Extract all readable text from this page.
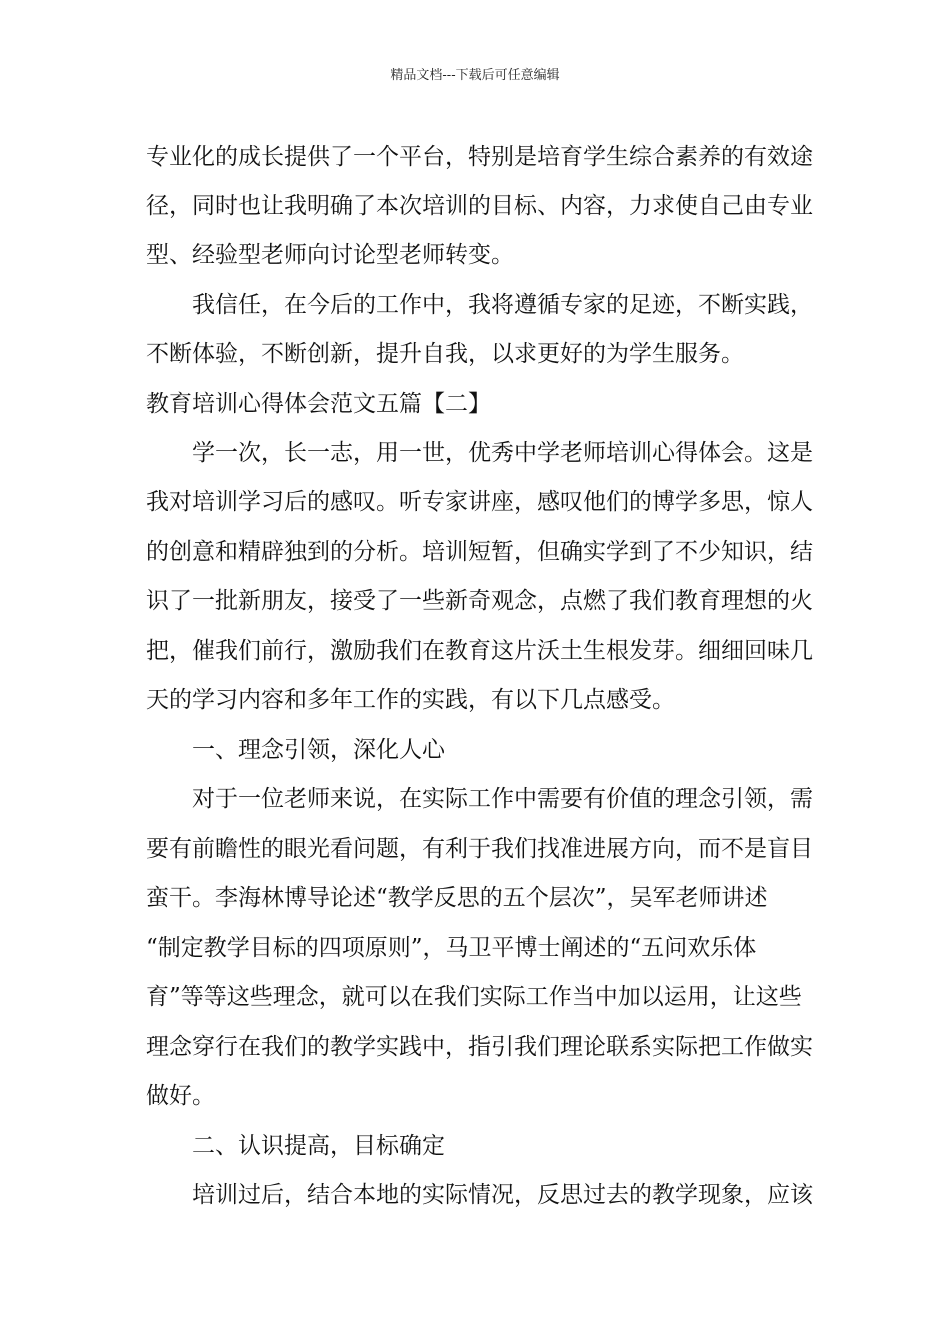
精品文档---下载后可任意编辑
专业化的成长提供了一个平台，特别是培育学生综合素养的有效途
径，同时也让我明确了本次培训的目标、内容，力求使自己由专业
型、经验型老师向讨论型老师转变。
　　我信任，在今后的工作中，我将遵循专家的足迹，不断实践，
不断体验，不断创新，提升自我，以求更好的为学生服务。
教育培训心得体会范文五篇【二】
　　学一次，长一志，用一世，优秀中学老师培训心得体会。这是
我对培训学习后的感叹。听专家讲座，感叹他们的博学多思，惊人
的创意和精辟独到的分析。培训短暂，但确实学到了不少知识，结
识了一批新朋友，接受了一些新奇观念，点燃了我们教育理想的火
把，催我们前行，激励我们在教育这片沃土生根发芽。细细回味几
天的学习内容和多年工作的实践，有以下几点感受。
　　一、理念引领，深化人心
　　对于一位老师来说，在实际工作中需要有价值的理念引领，需
要有前瞻性的眼光看问题，有利于我们找准进展方向，而不是盲目
蛮干。李海林博导论述“教学反思的五个层次”，吴军老师讲述
“制定教学目标的四项原则”，马卫平博士阐述的“五问欢乐体
育”等等这些理念，就可以在我们实际工作当中加以运用，让这些
理念穿行在我们的教学实践中，指引我们理论联系实际把工作做实
做好。
　　二、认识提高，目标确定
　　培训过后，结合本地的实际情况，反思过去的教学现象，应该
